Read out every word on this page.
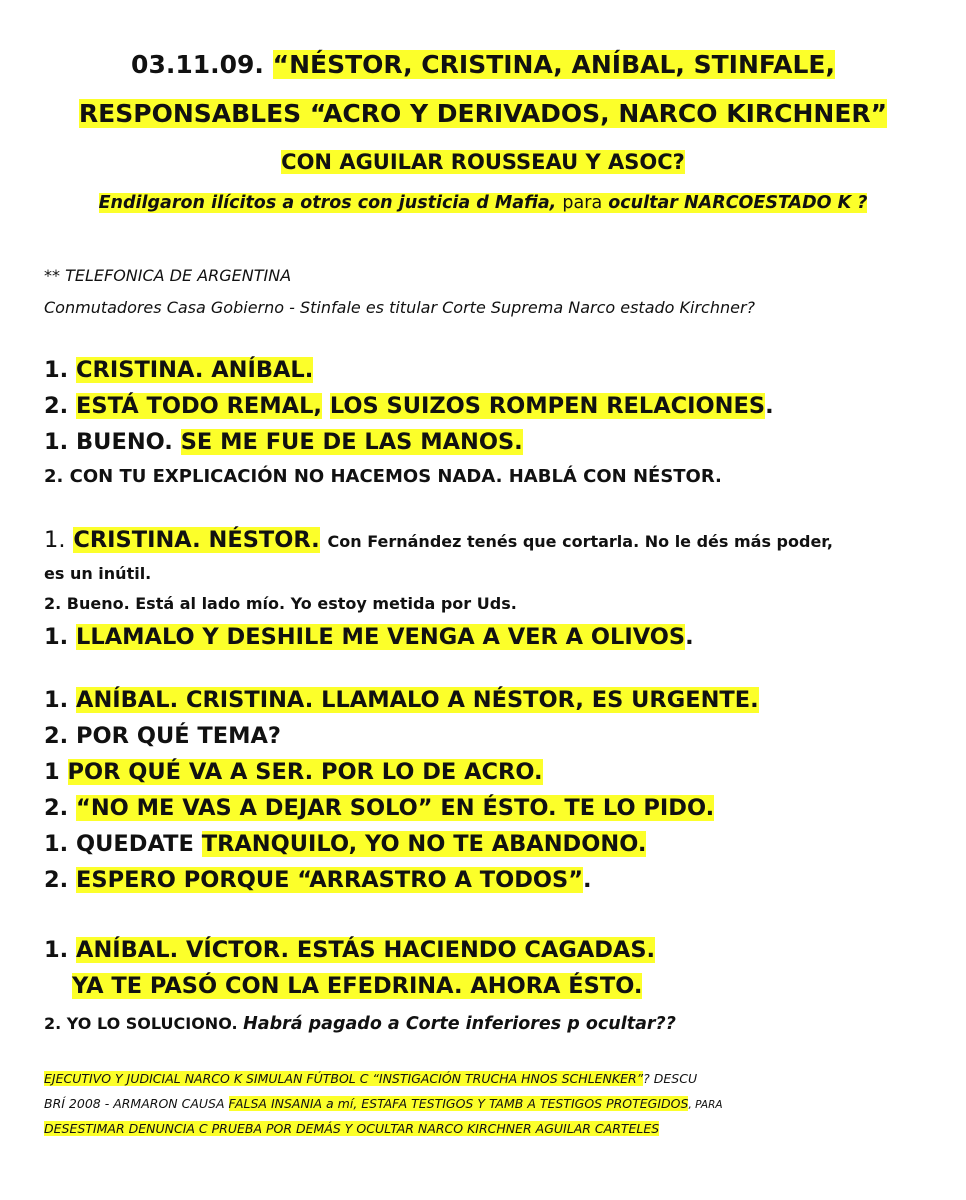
03.11.09. “NÉSTOR, CRISTINA, ANÍBAL, STINFALE,
RESPONSABLES “ACRO Y DERIVADOS, NARCO KIRCHNER”
CON AGUILAR ROUSSEAU Y ASOC?
Endilgaron ilícitos a otros con justicia d Mafia, para ocultar NARCOESTADO K ?
** TELEFONICA DE ARGENTINA
Conmutadores Casa Gobierno - Stinfale es titular Corte Suprema Narco estado Kirchner?
1. CRISTINA. ANÍBAL.
2. ESTÁ TODO REMAL, LOS SUIZOS ROMPEN RELACIONES.
1. BUENO. SE ME FUE DE LAS MANOS.
2. CON TU EXPLICACIÓN NO HACEMOS NADA. HABLÁ CON NÉSTOR.
1. CRISTINA. NÉSTOR. Con Fernández tenés que cortarla. No le dés más poder,
es un inútil.
2. Bueno. Está al lado mío. Yo estoy metida por Uds.
1. LLAMALO Y DESHILE ME VENGA A VER A OLIVOS.
1. ANÍBAL. CRISTINA. LLAMALO A NÉSTOR, ES URGENTE.
2. POR QUÉ TEMA?
1 POR QUÉ VA A SER. POR LO DE ACRO.
2. “NO ME VAS A DEJAR SOLO” EN ÉSTO. TE LO PIDO.
1. QUEDATE TRANQUILO, YO NO TE ABANDONO.
2. ESPERO PORQUE “ARRASTRO A TODOS”.
1. ANÍBAL. VÍCTOR. ESTÁS HACIENDO CAGADAS.
YA TE PASÓ CON LA EFEDRINA. AHORA ÉSTO.
2. YO LO SOLUCIONO. Habrá pagado a Corte inferiores p ocultar??
EJECUTIVO Y JUDICIAL NARCO K SIMULAN FÚTBOL C “INSTIGACIÓN TRUCHA HNOS SCHLENKER”? DESCU
BRÍ 2008 - ARMARON CAUSA FALSA INSANIA a mí, ESTAFA TESTIGOS Y TAMB A TESTIGOS PROTEGIDOS, PARA
DESESTIMAR DENUNCIA C PRUEBA POR DEMÁS Y OCULTAR NARCO KIRCHNER AGUILAR CARTELES
